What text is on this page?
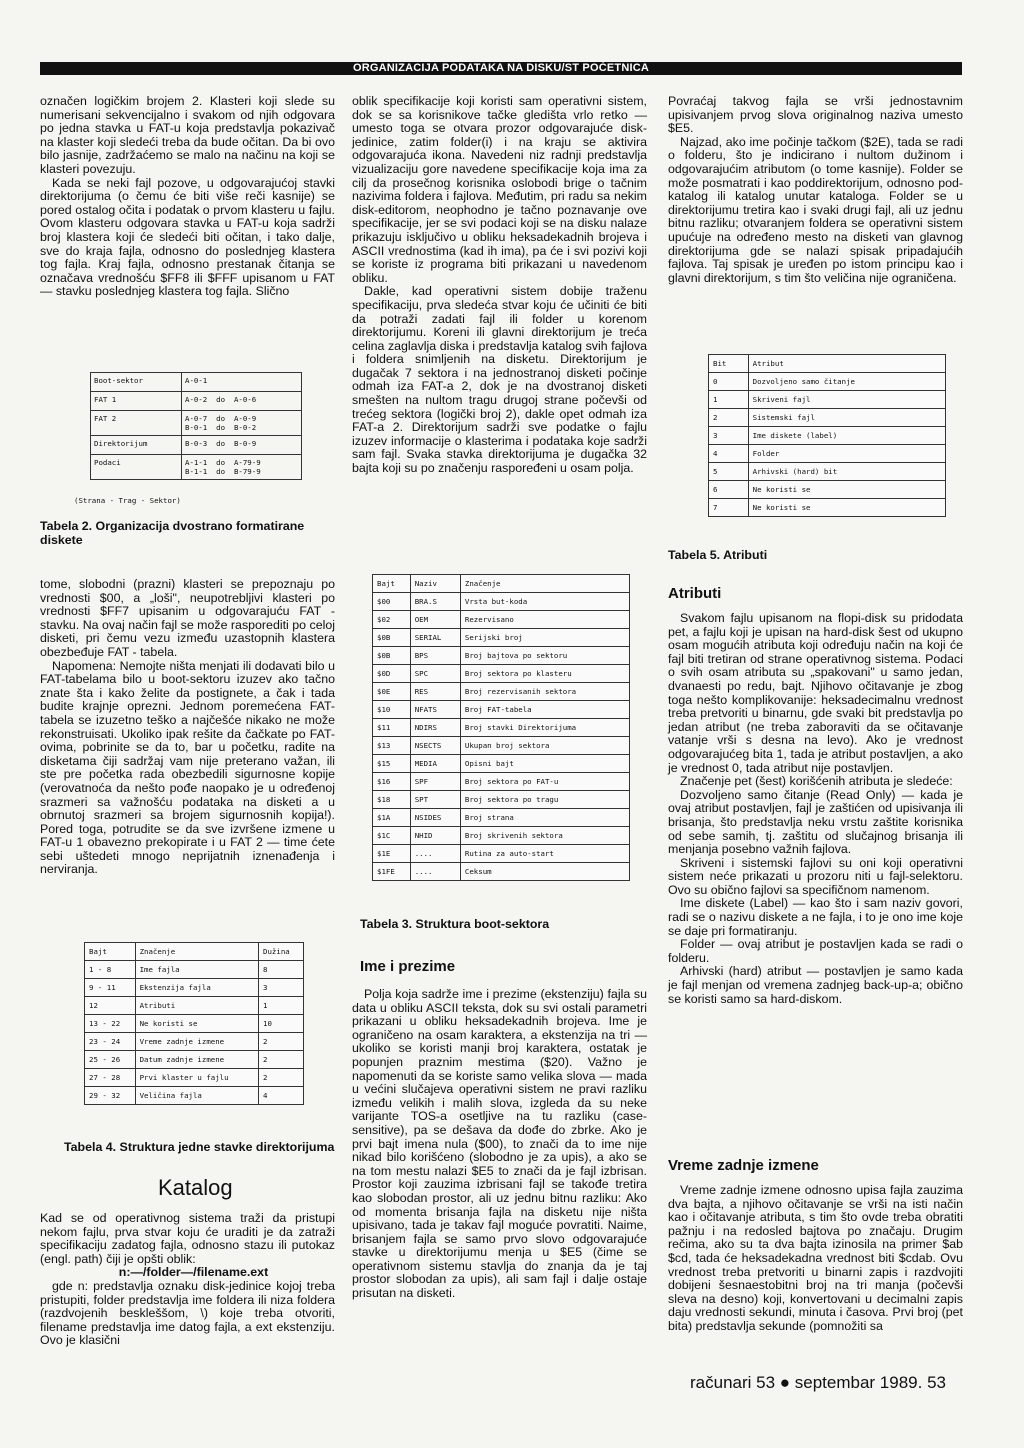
ORGANIZACIJA PODATAKA NA DISKU/ST POČETNICA

označen logičkim brojem 2. Klasteri koji slede su numerisani sekvencijalno i svakom od njih odgovara po jedna stavka u FAT-u koja predstavlja pokazivač na klaster koji sledeći treba da bude očitan. Da bi ovo bilo jasnije, zadržaćemo se malo na načinu na koji se klasteri povezuju.

Kada se neki fajl pozove, u odgovarajućoj stavki direktorijuma (o čemu će biti više reči kasnije) se pored ostalog očita i podatak o prvom klasteru u fajlu. Ovom klasteru odgovara stavka u FAT-u koja sadrži broj klastera koji će sledeći biti očitan, i tako dalje, sve do kraja fajla, odnosno do poslednjeg klastera tog fajla. Kraj fajla, odnosno prestanak čitanja se označava vrednošću $FF8 ili $FFF upisanom u FAT — stavku poslednjeg klastera tog fajla. Slično

Boot-sektor	A-0-1
FAT 1	A-0-2  do  A-0-6
FAT 2	A-0-7  do  A-0-9
B-0-1  do  B-0-2
Direktorijum	B-0-3  do  B-0-9
Podaci	A-1-1  do  A-79-9
B-1-1  do  B-79-9
(Strana - Trag - Sektor)
Tabela 2. Organizacija dvostrano formatirane diskete

tome, slobodni (prazni) klasteri se prepoznaju po vrednosti $00, a „loši", neupotrebljivi klasteri po vrednosti $FF7 upisanim u odgovarajuću FAT - stavku. Na ovaj način fajl se može rasporediti po celoj disketi, pri čemu vezu između uzastopnih klastera obezbeđuje FAT - tabela.

Napomena: Nemojte ništa menjati ili dodavati bilo u FAT-tabelama bilo u boot-sektoru izuzev ako tačno znate šta i kako želite da postignete, a čak i tada budite krajnje oprezni. Jednom poremećena FAT-tabela se izuzetno teško a najčešće nikako ne može rekonstruisati. Ukoliko ipak rešite da čačkate po FAT-ovima, pobrinite se da to, bar u početku, radite na disketama čiji sadržaj vam nije preterano važan, ili ste pre početka rada obezbedili sigurnosne kopije (verovatnoća da nešto pođe naopako je u određenoj srazmeri sa važnošću podataka na disketi a u obrnutoj srazmeri sa brojem sigurnosnih kopija!). Pored toga, potrudite se da sve izvršene izmene u FAT-u 1 obavezno prekopirate i u FAT 2 — time ćete sebi uštedeti mnogo neprijatnih iznenađenja i nerviranja.

Bajt	Značenje	Dužina
1 - 8	Ime fajla	8
9 - 11	Ekstenzija fajla	3
12	Atributi	1
13 - 22	Ne koristi se	10
23 - 24	Vreme zadnje izmene	2
25 - 26	Datum zadnje izmene	2
27 - 28	Prvi klaster u fajlu	2
29 - 32	Veličina fajla	4
Tabela 4. Struktura jedne stavke direktorijuma
Katalog

Kad se od operativnog sistema traži da pristupi nekom fajlu, prva stvar koju će uraditi je da zatraži specifikaciju zadatog fajla, odnosno stazu ili putokaz (engl. path) čiji je opšti oblik:

n:—/folder—/filename.ext

gde n: predstavlja oznaku disk-jedinice kojoj treba pristupiti, folder predstavlja ime foldera ili niza foldera (razdvojenih beskleššom, \) koje treba otvoriti, filename predstavlja ime datog fajla, a ext ekstenziju. Ovo je klasični

oblik specifikacije koji koristi sam operativni sistem, dok se sa korisnikove tačke gledišta vrlo retko — umesto toga se otvara prozor odgovarajuće disk-jedinice, zatim folder(i) i na kraju se aktivira odgovarajuća ikona. Navedeni niz radnji predstavlja vizualizaciju gore navedene specifikacije koja ima za cilj da prosečnog korisnika oslobodi brige o tačnim nazivima foldera i fajlova. Međutim, pri radu sa nekim disk-editorom, neophodno je tačno poznavanje ove specifikacije, jer se svi podaci koji se na disku nalaze prikazuju isključivo u obliku heksadekadnih brojeva i ASCII vrednostima (kad ih ima), pa će i svi pozivi koji se koriste iz programa biti prikazani u navedenom obliku.

Dakle, kad operativni sistem dobije traženu specifikaciju, prva sledeća stvar koju će učiniti će biti da potraži zadati fajl ili folder u korenom direktorijumu. Koreni ili glavni direktorijum je treća celina zaglavlja diska i predstavlja katalog svih fajlova i foldera snimljenih na disketu. Direktorijum je dugačak 7 sektora i na jednostranoj disketi počinje odmah iza FAT-a 2, dok je na dvostranoj disketi smešten na nultom tragu drugoj strane počevši od trećeg sektora (logički broj 2), dakle opet odmah iza FAT-a 2. Direktorijum sadrži sve podatke o fajlu izuzev informacije o klasterima i podataka koje sadrži sam fajl. Svaka stavka direktorijuma je dugačka 32 bajta koji su po značenju raspoređeni u osam polja.

Bajt	Naziv	Značenje
$00	BRA.S	Vrsta but-koda
$02	OEM	Rezervisano
$0B	SERIAL	Serijski broj
$0B	BPS	Broj bajtova po sektoru
$0D	SPC	Broj sektora po klasteru
$0E	RES	Broj rezervisanih sektora
$10	NFATS	Broj FAT-tabela
$11	NDIRS	Broj stavki Direktorijuma
$13	NSECTS	Ukupan broj sektora
$15	MEDIA	Opisni bajt
$16	SPF	Broj sektora po FAT-u
$18	SPT	Broj sektora po tragu
$1A	NSIDES	Broj strana
$1C	NHID	Broj skrivenih sektora
$1E	....	Rutina za auto-start
$1FE	....	Ceksum
Tabela 3. Struktura boot-sektora
Ime i prezime

Polja koja sadrže ime i prezime (ekstenziju) fajla su data u obliku ASCII teksta, dok su svi ostali parametri prikazani u obliku heksadekadnih brojeva. Ime je ograničeno na osam karaktera, a ekstenzija na tri — ukoliko se koristi manji broj karaktera, ostatak je popunjen praznim mestima ($20). Važno je napomenuti da se koriste samo velika slova — mada u većini slučajeva operativni sistem ne pravi razliku između velikih i malih slova, izgleda da su neke varijante TOS-a osetljive na tu razliku (case-sensitive), pa se dešava da dođe do zbrke. Ako je prvi bajt imena nula ($00), to znači da to ime nije nikad bilo korišćeno (slobodno je za upis), a ako se na tom mestu nalazi $E5 to znači da je fajl izbrisan. Prostor koji zauzima izbrisani fajl se takođe tretira kao slobodan prostor, ali uz jednu bitnu razliku: Ako od momenta brisanja fajla na disketu nije ništa upisivano, tada je takav fajl moguće povratiti. Naime, brisanjem fajla se samo prvo slovo odgovarajuće stavke u direktorijumu menja u $E5 (čime se operativnom sistemu stavlja do znanja da je taj prostor slobodan za upis), ali sam fajl i dalje ostaje prisutan na disketi.

Povraćaj takvog fajla se vrši jednostavnim upisivanjem prvog slova originalnog naziva umesto $E5.

Najzad, ako ime počinje tačkom ($2E), tada se radi o folderu, što je indicirano i nultom dužinom i odgovarajućim atributom (o tome kasnije). Folder se može posmatrati i kao poddirektorijum, odnosno pod-katalog ili katalog unutar kataloga. Folder se u direktorijumu tretira kao i svaki drugi fajl, ali uz jednu bitnu razliku; otvaranjem foldera se operativni sistem upućuje na određeno mesto na disketi van glavnog direktorijuma gde se nalazi spisak pripadajućih fajlova. Taj spisak je uređen po istom principu kao i glavni direktorijum, s tim što veličina nije ograničena.

Bit	Atribut
0	Dozvoljeno samo čitanje
1	Skriveni fajl
2	Sistemski fajl
3	Ime diskete (label)
4	Folder
5	Arhivski (hard) bit
6	Ne koristi se
7	Ne koristi se
Tabela 5. Atributi
Atributi

Svakom fajlu upisanom na flopi-disk su pridodata pet, a fajlu koji je upisan na hard-disk šest od ukupno osam mogućih atributa koji određuju način na koji će fajl biti tretiran od strane operativnog sistema. Podaci o svih osam atributa su „spakovani" u samo jedan, dvanaesti po redu, bajt. Njihovo očitavanje je zbog toga nešto komplikovanije: heksadecimalnu vrednost treba pretvoriti u binarnu, gde svaki bit predstavlja po jedan atribut (ne treba zaboraviti da se očitavanje vatanje vrši s desna na levo). Ako je vrednost odgovarajućeg bita 1, tada je atribut postavljen, a ako je vrednost 0, tada atribut nije postavljen.

Značenje pet (šest) korišćenih atributa je sledeće:

Dozvoljeno samo čitanje (Read Only) — kada je ovaj atribut postavljen, fajl je zaštićen od upisivanja ili brisanja, što predstavlja neku vrstu zaštite korisnika od sebe samih, tj. zaštitu od slučajnog brisanja ili menjanja posebno važnih fajlova.

Skriveni i sistemski fajlovi su oni koji operativni sistem neće prikazati u prozoru niti u fajl-selektoru. Ovo su obično fajlovi sa specifičnom namenom.

Ime diskete (Label) — kao što i sam naziv govori, radi se o nazivu diskete a ne fajla, i to je ono ime koje se daje pri formatiranju.

Folder — ovaj atribut je postavljen kada se radi o folderu.

Arhivski (hard) atribut — postavljen je samo kada je fajl menjan od vremena zadnjeg back-up-a; obično se koristi samo sa hard-diskom.

Vreme zadnje izmene

Vreme zadnje izmene odnosno upisa fajla zauzima dva bajta, a njihovo očitavanje se vrši na isti način kao i očitavanje atributa, s tim što ovde treba obratiti pažnju i na redosled bajtova po značaju. Drugim rečima, ako su ta dva bajta izinosila na primer $ab $cd, tada će heksadekadna vrednost biti $cdab. Ovu vrednost treba pretvoriti u binarni zapis i razdvojiti dobijeni šesnaestobitni broj na tri manja (počevši sleva na desno) koji, konvertovani u decimalni zapis daju vrednosti sekundi, minuta i časova. Prvi broj (pet bita) predstavlja sekunde (pomnožiti sa

računari 53 ● septembar 1989. 53
